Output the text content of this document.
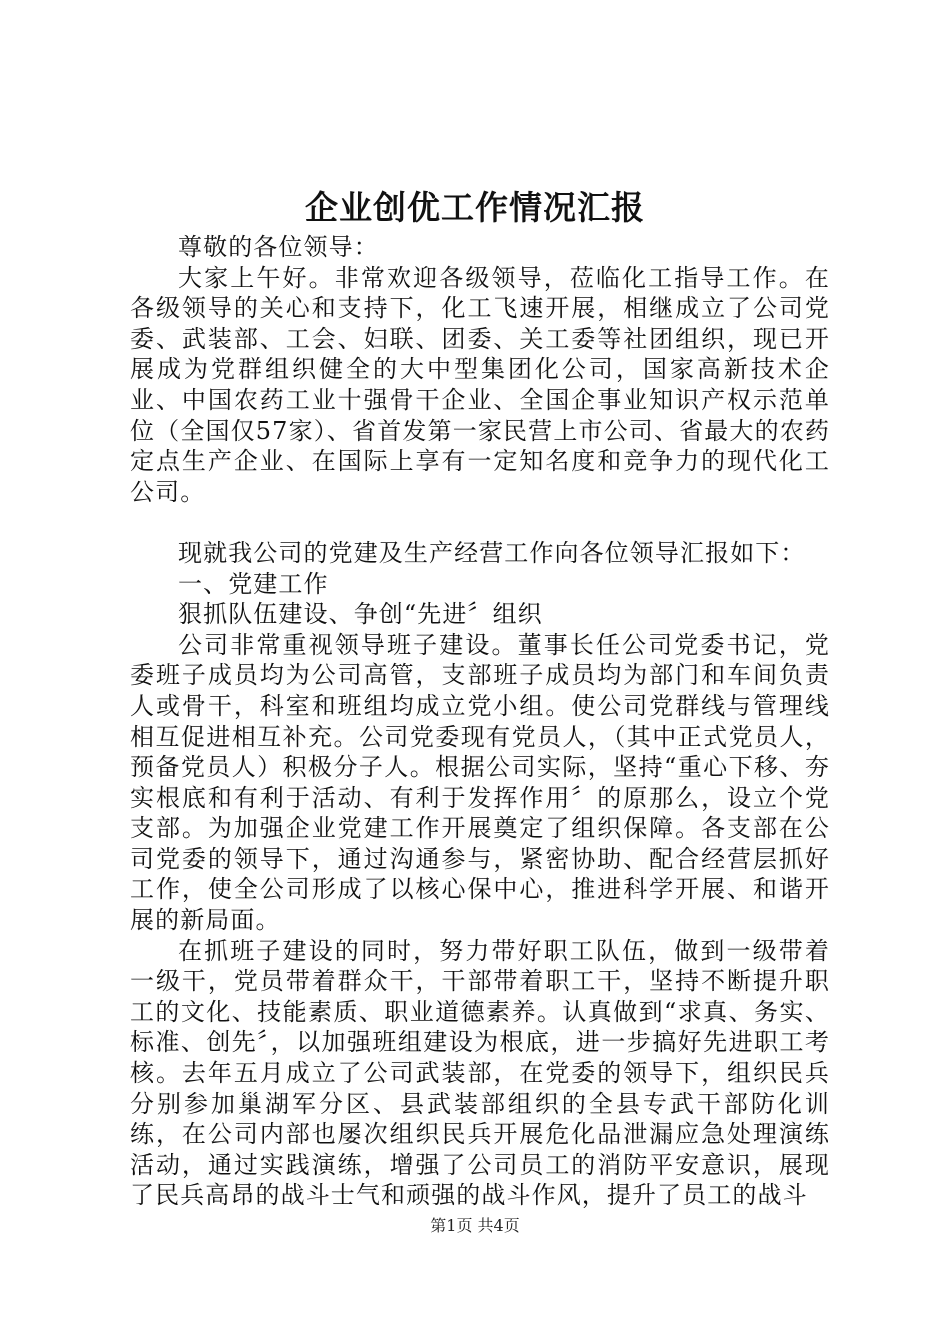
企业创优工作情况汇报

尊敬的各位领导：

大家上午好。非常欢迎各级领导，莅临化工指导工作。在各级领导的关心和支持下，化工飞速开展，相继成立了公司党委、武装部、工会、妇联、团委、关工委等社团组织，现已开展成为党群组织健全的大中型集团化公司，国家高新技术企业、中国农药工业十强骨干企业、全国企事业知识产权示范单位（全国仅57家）、省首发第一家民营上市公司、省最大的农药定点生产企业、在国际上享有一定知名度和竞争力的现代化工公司。

现就我公司的党建及生产经营工作向各位领导汇报如下：

一、党建工作

狠抓队伍建设、争创“先进〞组织

公司非常重视领导班子建设。董事长任公司党委书记，党委班子成员均为公司高管，支部班子成员均为部门和车间负责人或骨干，科室和班组均成立党小组。使公司党群线与管理线相互促进相互补充。公司党委现有党员人，（其中正式党员人，预备党员人）积极分子人。根据公司实际，坚持“重心下移、夯实根底和有利于活动、有利于发挥作用〞的原那么，设立个党支部。为加强企业党建工作开展奠定了组织保障。各支部在公司党委的领导下，通过沟通参与，紧密协助、配合经营层抓好工作，使全公司形成了以核心保中心，推进科学开展、和谐开展的新局面。

在抓班子建设的同时，努力带好职工队伍，做到一级带着一级干，党员带着群众干，干部带着职工干，坚持不断提升职工的文化、技能素质、职业道德素养。认真做到“求真、务实、标准、创先〞，以加强班组建设为根底，进一步搞好先进职工考核。去年五月成立了公司武装部，在党委的领导下，组织民兵分别参加巢湖军分区、县武装部组织的全县专武干部防化训练，在公司内部也屡次组织民兵开展危化品泄漏应急处理演练活动，通过实践演练，增强了公司员工的消防平安意识，展现了民兵高昂的战斗士气和顽强的战斗作风，提升了员工的战斗

第1页 共4页
